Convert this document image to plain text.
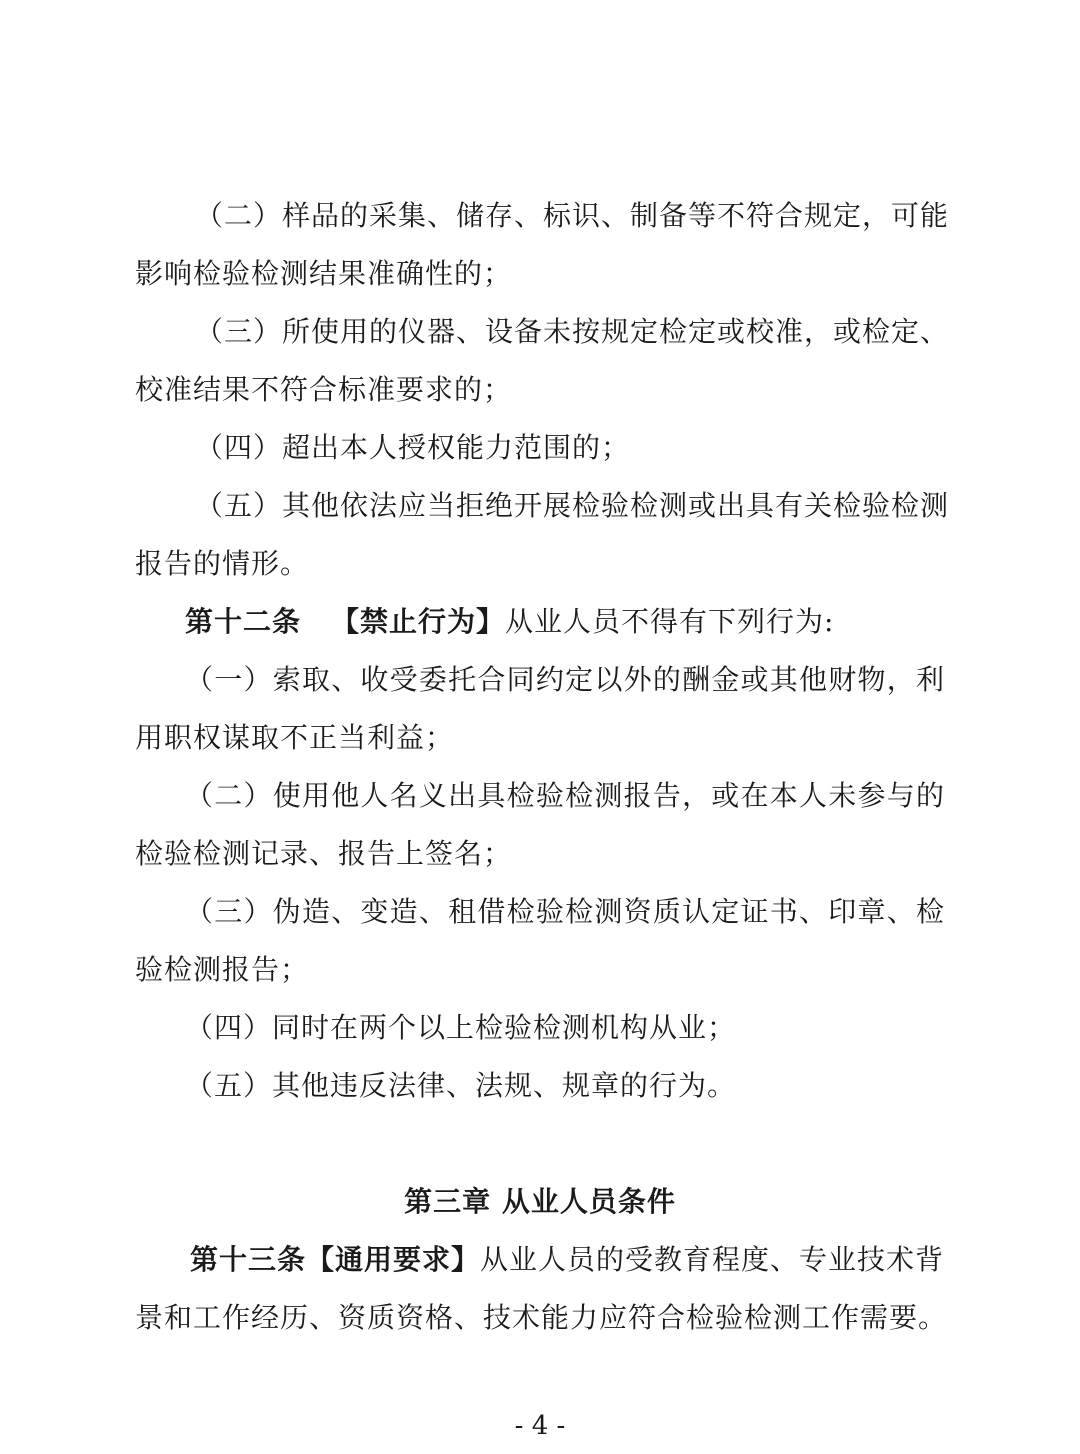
（二）样品的采集、储存、标识、制备等不符合规定，可能
影响检验检测结果准确性的；
（三）所使用的仪器、设备未按规定检定或校准，或检定、
校准结果不符合标准要求的；
（四）超出本人授权能力范围的；
（五）其他依法应当拒绝开展检验检测或出具有关检验检测
报告的情形。
第十二条 【禁止行为】从业人员不得有下列行为:
（一）索取、收受委托合同约定以外的酬金或其他财物，利
用职权谋取不正当利益；
（二）使用他人名义出具检验检测报告，或在本人未参与的
检验检测记录、报告上签名；
（三）伪造、变造、租借检验检测资质认定证书、印章、检
验检测报告；
（四）同时在两个以上检验检测机构从业；
（五）其他违反法律、法规、规章的行为。
第三章 从业人员条件
第十三条【通用要求】从业人员的受教育程度、专业技术背
景和工作经历、资质资格、技术能力应符合检验检测工作需要。
- 4 -
